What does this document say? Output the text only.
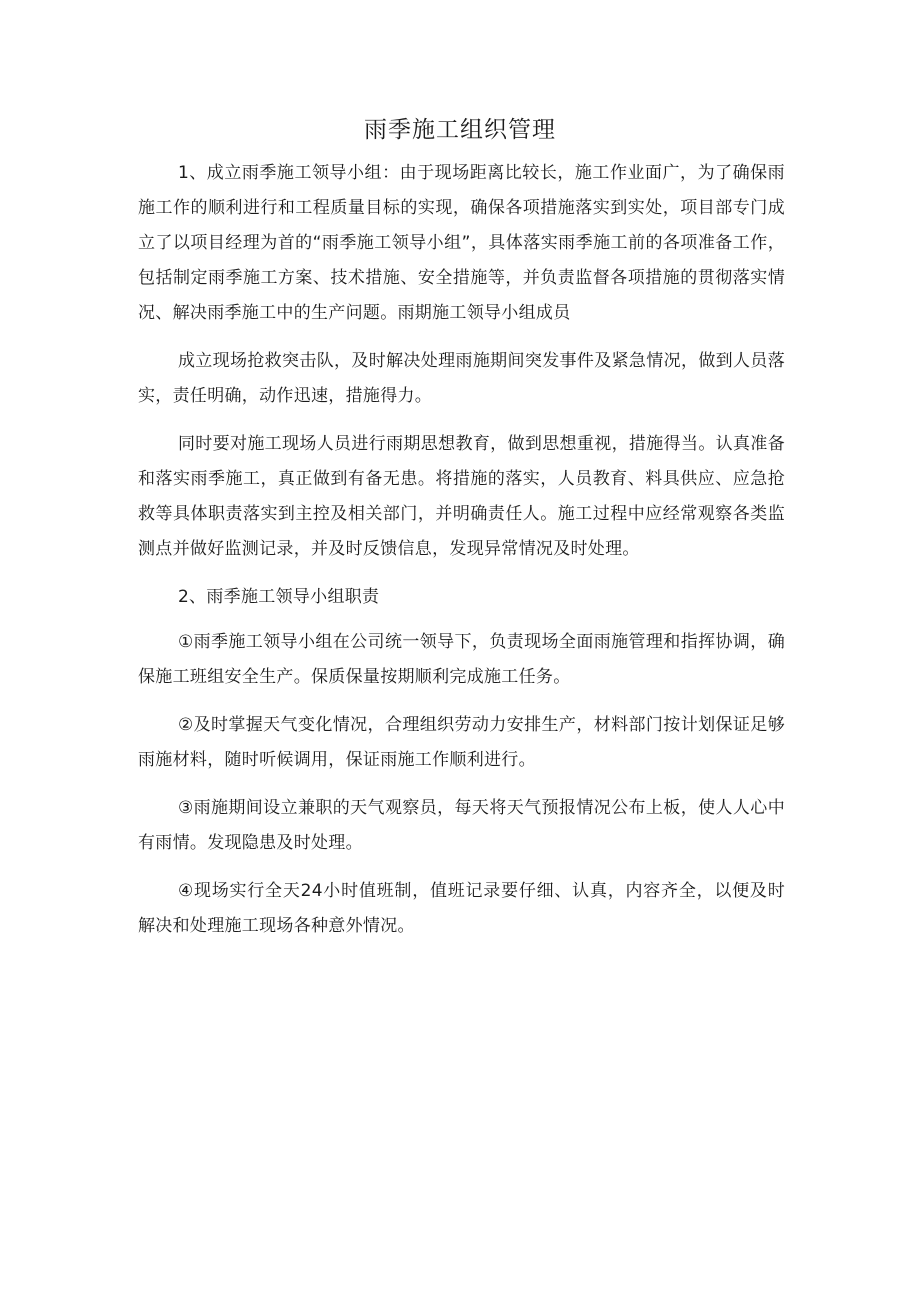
雨季施工组织管理

1、成立雨季施工领导小组：由于现场距离比较长，施工作业面广，为了确保雨施工作的顺利进行和工程质量目标的实现，确保各项措施落实到实处，项目部专门成立了以项目经理为首的“雨季施工领导小组”，具体落实雨季施工前的各项准备工作，包括制定雨季施工方案、技术措施、安全措施等，并负责监督各项措施的贯彻落实情况、解决雨季施工中的生产问题。雨期施工领导小组成员

成立现场抢救突击队，及时解决处理雨施期间突发事件及紧急情况，做到人员落实，责任明确，动作迅速，措施得力。

同时要对施工现场人员进行雨期思想教育，做到思想重视，措施得当。认真准备和落实雨季施工，真正做到有备无患。将措施的落实，人员教育、料具供应、应急抢救等具体职责落实到主控及相关部门，并明确责任人。施工过程中应经常观察各类监测点并做好监测记录，并及时反馈信息，发现异常情况及时处理。

2、雨季施工领导小组职责

①雨季施工领导小组在公司统一领导下，负责现场全面雨施管理和指挥协调，确保施工班组安全生产。保质保量按期顺利完成施工任务。

②及时掌握天气变化情况，合理组织劳动力安排生产，材料部门按计划保证足够雨施材料，随时听候调用，保证雨施工作顺利进行。

③雨施期间设立兼职的天气观察员，每天将天气预报情况公布上板，使人人心中有雨情。发现隐患及时处理。

④现场实行全天24小时值班制，值班记录要仔细、认真，内容齐全，以便及时解决和处理施工现场各种意外情况。
